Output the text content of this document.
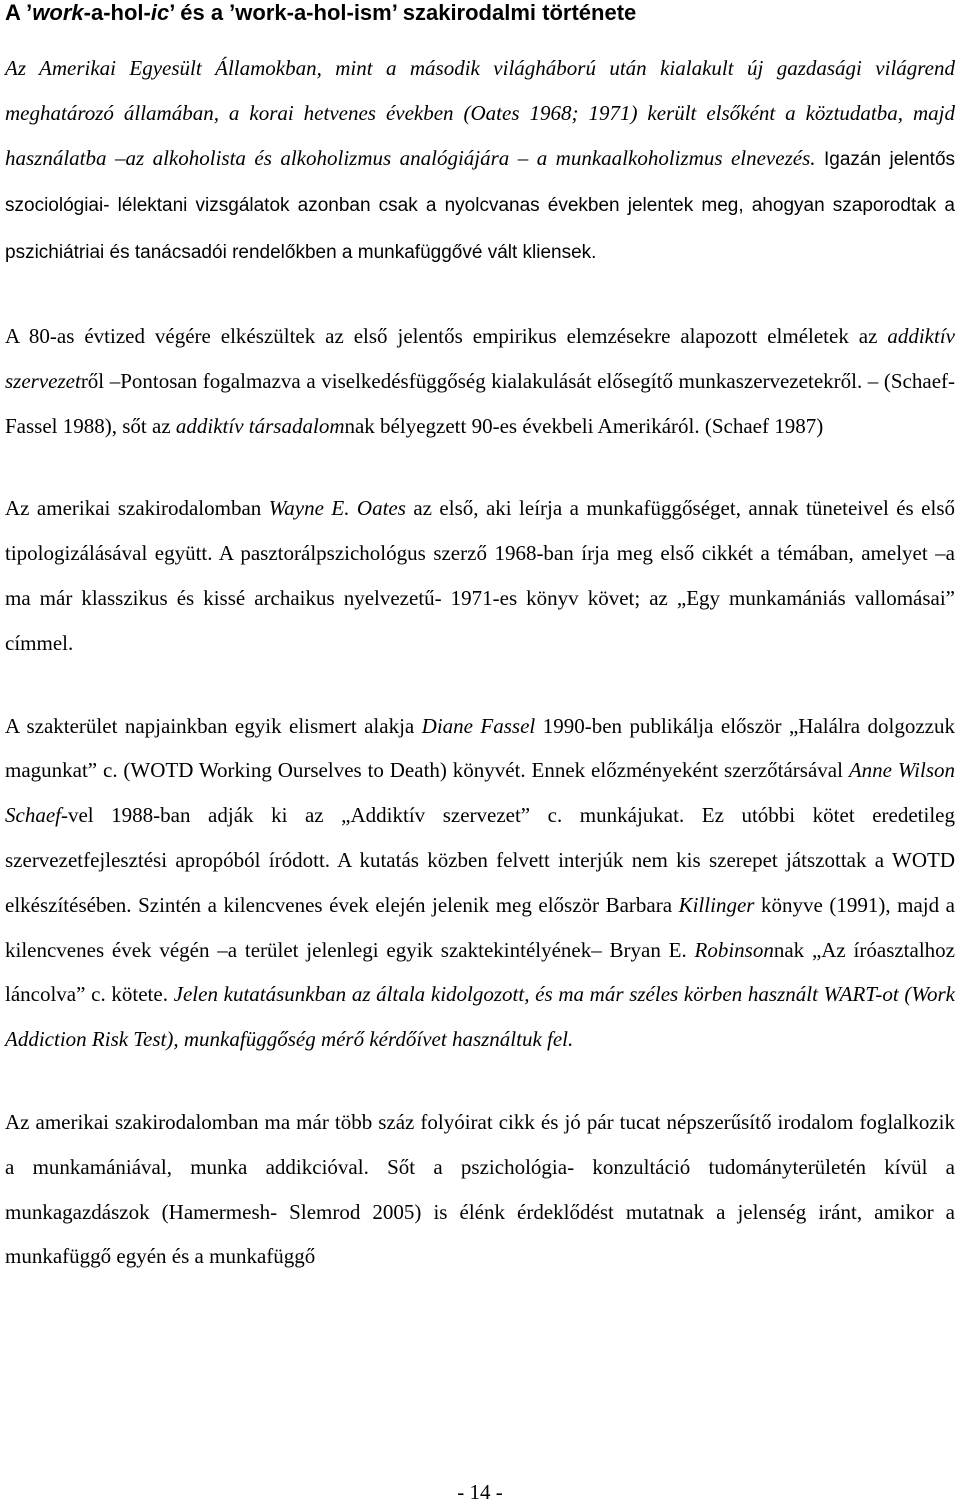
A ’work-a-hol-ic’ és a ’work-a-hol-ism’ szakirodalmi története

Az Amerikai Egyesült Államokban, mint a második világháború után kialakult új gazdasági világrend meghatározó államában, a korai hetvenes években (Oates 1968; 1971) került elsőként a köztudatba, majd használatba –az alkoholista és alkoholizmus analógiájára – a munkaalkoholizmus elnevezés. Igazán jelentős szociológiai- lélektani vizsgálatok azonban csak a nyolcvanas években jelentek meg, ahogyan szaporodtak a pszichiátriai és tanácsadói rendelőkben a munkafüggővé vált kliensek.

A 80-as évtized végére elkészültek az első jelentős empirikus elemzésekre alapozott elméletek az addiktív szervezetről –Pontosan fogalmazva a viselkedésfüggőség kialakulását elősegítő munkaszervezetekről. – (Schaef- Fassel 1988), sőt az addiktív társadalomnak bélyegzett 90-es évekbeli Amerikáról. (Schaef 1987)

Az amerikai szakirodalomban Wayne E. Oates az első, aki leírja a munkafüggőséget, annak tüneteivel és első tipologizálásával együtt. A pasztorálpszichológus szerző 1968-ban írja meg első cikkét a témában, amelyet –a ma már klasszikus és kissé archaikus nyelvezetű- 1971-es könyv követ; az „Egy munkamániás vallomásai” címmel.

A szakterület napjainkban egyik elismert alakja Diane Fassel 1990-ben publikálja először „Halálra dolgozzuk magunkat” c. (WOTD Working Ourselves to Death) könyvét. Ennek előzményeként szerzőtársával Anne Wilson Schaef-vel 1988-ban adják ki az „Addiktív szervezet” c. munkájukat. Ez utóbbi kötet eredetileg szervezetfejlesztési apropóból íródott. A kutatás közben felvett interjúk nem kis szerepet játszottak a WOTD elkészítésében. Szintén a kilencvenes évek elején jelenik meg először Barbara Killinger könyve (1991), majd a kilencvenes évek végén –a terület jelenlegi egyik szaktekintélyének– Bryan E. Robinsonnak „Az íróasztalhoz láncolva” c. kötete. Jelen kutatásunkban az általa kidolgozott, és ma már széles körben használt WART-ot (Work Addiction Risk Test), munkafüggőség mérő kérdőívet használtuk fel.

Az amerikai szakirodalomban ma már több száz folyóirat cikk és jó pár tucat népszerűsítő irodalom foglalkozik a munkamániával, munka addikcióval. Sőt a pszichológia- konzultáció tudományterületén kívül a munkagazdászok (Hamermesh- Slemrod 2005) is élénk érdeklődést mutatnak a jelenség iránt, amikor a munkafüggő egyén és a munkafüggő

- 14 -
